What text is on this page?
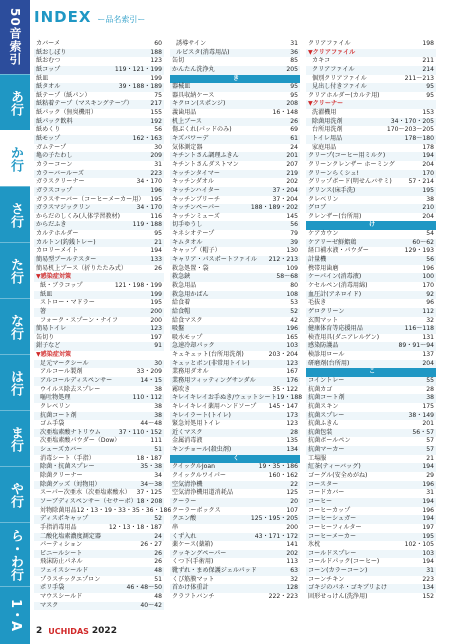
50音索引
あ行
か行
さ行
た行
な行
は行
ま行
や行
ら・わ行
1・A
INDEX ー品名索引ー
カバーメ	60
紙おしぼり	188
紙おむつ	123
紙コップ	119・121・199
紙皿	199
紙タオル	39・188・189
紙テープ（紙パン）	75
紙粘着テープ（マスキングテープ）	217
紙パック（無臭機用）	155
紙パック飲料	192
紙めくり	56
紙モップ	162・163
ガムテープ	30
亀の子たわし	209
カラーコーン	31
カラーバールーズ	223
ガラスクリーナー	34・170
ガラスコップ	196
ガラスサーバー（コーヒーメーカー用） 195
ガラスマジックリン	34・170
からだのしくみ(人体学習教材)	116
からだふき	119・188
カルテホルダー	95
カルトン(釣銭トレー)	21
カロリーメイト	194
簡易型ブールテスター	133
簡易机上ブース（折りたたみ式）	26
▼感染症対策
紙・ブラコップ	121・198・199
紙皿	199
ストロー・マドラー	195
箸	200
フォーク・スプーン・ナイフ	200
簡易トイレ	123
缶切り	197
鉗子など	91
▼感染症対策
足元マークシール	30
アルコール製剤	33・209
アルコールディスペンサー	14・15
ウイルス除去スプレー	38
嘔吐物処理	110・112
クレベリン	38
抗菌コート剤	38
ゴム手袋	44〜48
次亜塩素酸ナトリウム	37・110・152
次亜塩素酸パウダー（Dow）	111
シューズカバー	51
消毒シート（手指）	18・187
除菌・抗菌スプレー	35・38
除菌クリーナー	34
除菌グッズ（対物用）	34〜38
スーパー次亜水（次亜塩素酸水） 37・125
ソーブディスペンサー（セサーボ） 18・208
対物除菌用品 12・13・19・33・35・36・186
ディスポキャップ	52
手指消毒用品	12・13・18・187
二酸化塩素濃度測定器	24
パーティション	26・27
ビニールシート	26
飛沫防止パネル	26
フェイスシールド	48
プラスチックエプロン	51
ポリ手袋	46・48〜50
マウスシールド	48
マスク	40〜42
誘導サイン	31
ルビスタ(消毒用品)	36
缶切	85
かんたん洗浄丸	205
き
器械皿	95
器具収納ケース	95
キクロン(スポンジ)	208
義歯用品	16・148
机上ブース	26
傷ぶくれ(パッドのみ)	69
キズパワーデ	61
気体測定器	24
キチントさん調理ふきん	201
キチントさんダストマン	207
キッチンタイマー	219
キッチンダオル	202
キッチンハイター	37・204
キッチンブリーチ	37・204
キッチンペーパー	188・189・202
キッチンミューズ	145
切手ゆうし	56
キネシオテープ	79
キムタオル	39
キャップ（帽子）	130
キャリア・パスポートファイル 212・213
救急処置・袋	109
救急鋏	58〜68
救急用品	80
救急用かばん	108
給食着	53
給食帽	52
給食マスク	42
吸盤	196
吸水モップ	165
急速冷却パック	103
キュキュット(台所用洗剤)	203・204
キュッとボン(非常用トイレ)	123
業務用ダオル	167
業務用フィッティングサンダル	176
霧吹き	35・122
キレイキレイお手ぬき/ウェットシート 19・188
キレイキレイ薬用ハンドソープ 145・147
キレイラート(トイレ)	173
緊急対処用トイレ	123
近くマスク	28
金属消毒液	135
キンチョール(殺虫剤)	134
く
クイックルJoan	19・35・186
クイックルワイパー	160・162
空気清浄機	22
空気清浄機用道消耗品	125
クーラー	20
クーラーボックス	107
クエン酸	125・195・205
串	200
くず入れ	43・171・172
薬ケース(薬箱)	141
クッキングペーパー	202
くつ下(手術用)	113
靴ずれ・まめ保護ジェルパッド	63
くび筋膜マット	32
首かけ体重計	128
クラフトバンチ	222・223
クリアファイル	198
▼クリアファイル
カキコ	211
クリアファイル	214
個別クリアファイル	211〜213
見出し付きファイル	95
クリアホルダー(カルテ用)	95
▼クリーナー
洗濯機用	153
除菌用洗剤	34・170・205
台所用洗剤	170〜203〜205
トイレ用品	178〜180
家庭用品	178
クリープ(コーヒー用ミルク)	194
クリーンクレンザー ホーミング	204
クリーンらくシュ!	170
グリップボード(明せんバサミ)	57・214
グリンス(床手洗)	195
クレベリン	38
グロブ	210
クレンザー(台所用)	204
け
ケアカウン	54
ケアリーゼ鮮鮨鶏	60〜62
経口補水液・パウダー	129・193
計量機	56
携帯用歯磨	196
ケーパイン(消毒液)	100
ケセルペン(消毒用綿)	170
血圧計(アネロイド)	92
毛抜き	96
ゲロクリーン	112
玄関マット	32
健康体育等応援用品	116〜118
検査用具(ダニアレルゲン)	131
感染防護品	89・91〜94
検診用ロール	137
研磨剤(台所用)	204
こ
コイントレー	55
抗菌カゴ	28
抗菌コート剤	38
抗菌スキン	175
抗菌スプレー	38・149
抗菌ふきん	201
抗菌包装	56・57
抗菌ボールペン	57
抗菌マーカー	57
工場服	21
紅茶(ティーバッグ)	194
ゴーグル(安全めがね)	29
コースター	196
コードカバー	31
コーヒー	194
コーヒーカップ	196
コーヒーシュガー	194
コーヒーフィルター	197
コーヒーメーカー	195
氷枕	102・105
コールドスプレー	103
コールドパック(コーヒー)	194
コーン(カラーコーン)	31
コーンチキン	223
ゴキジのパネ・ゴキブリよけ	134
固形せっけん(洗浄用)	152
2 UCHIDAS 2022
